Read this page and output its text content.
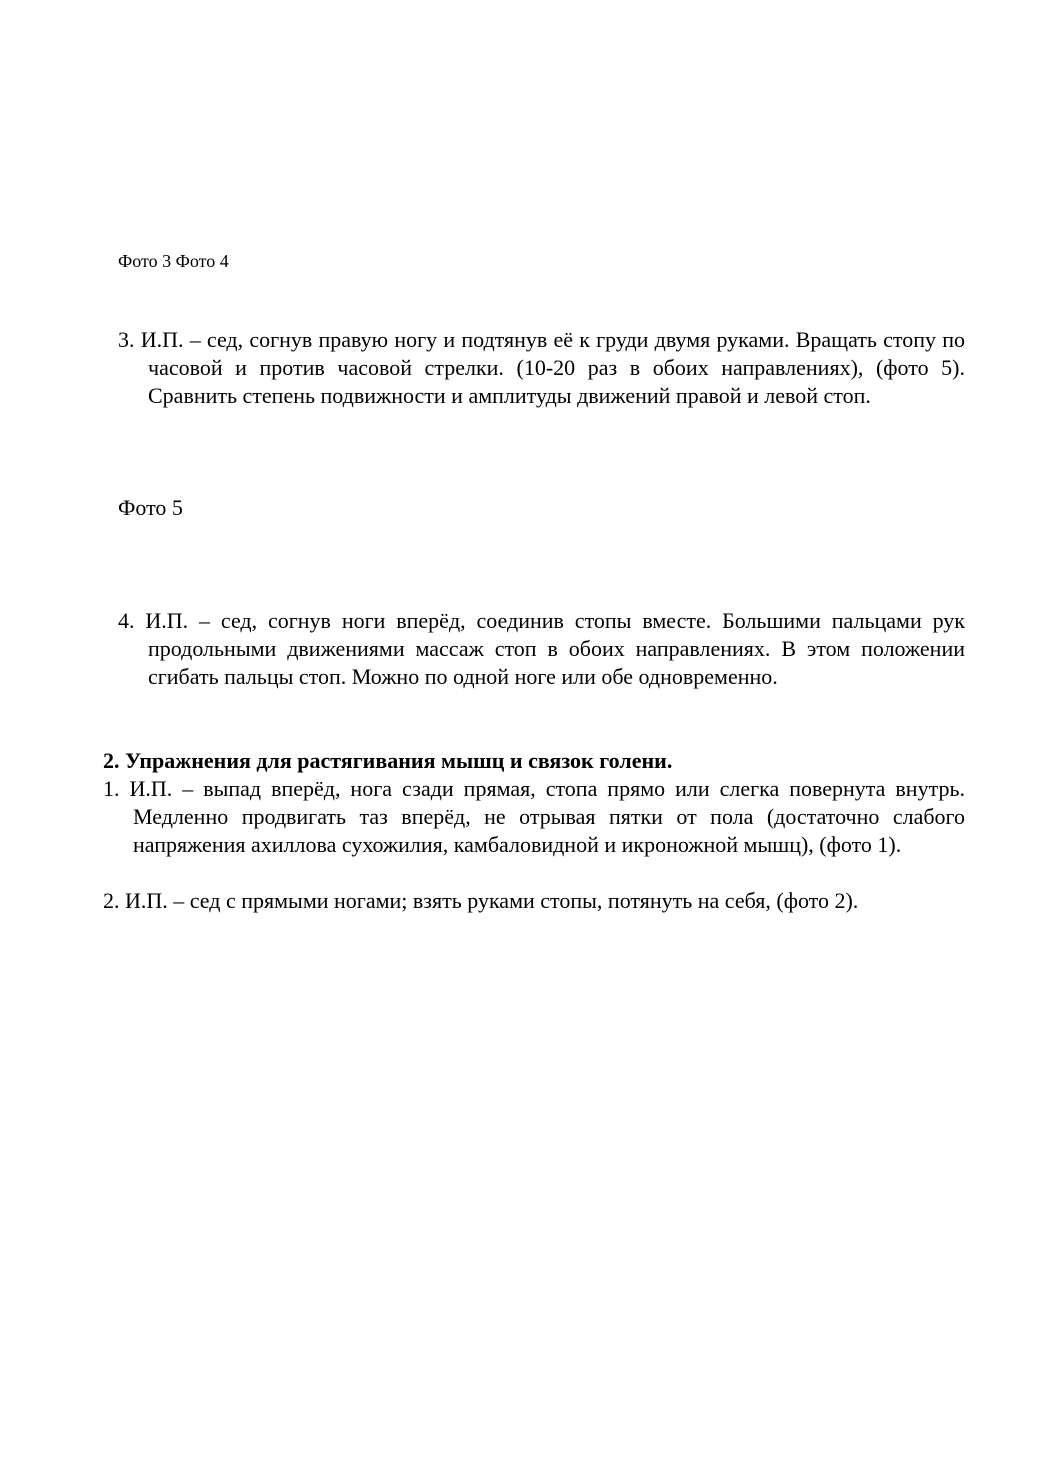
Фото 3 Фото 4
3. И.П. – сед, согнув правую ногу и подтянув её к груди двумя руками. Вращать стопу по часовой и против часовой стрелки. (10-20 раз в обоих направлениях), (фото 5). Сравнить степень подвижности и амплитуды движений правой и левой стоп.
Фото 5
4. И.П. – сед, согнув ноги вперёд, соединив стопы вместе. Большими пальцами рук продольными движениями массаж стоп в обоих направлениях. В этом положении сгибать пальцы стоп. Можно по одной ноге или обе одновременно.
2. Упражнения для растягивания мышц и связок голени.
1. И.П. – выпад вперёд, нога сзади прямая, стопа прямо или слегка повернута внутрь. Медленно продвигать таз вперёд, не отрывая пятки от пола (достаточно слабого напряжения ахиллова сухожилия, камбаловидной и икроножной мышц), (фото 1).
2. И.П. – сед с прямыми ногами; взять руками стопы, потянуть на себя, (фото 2).
